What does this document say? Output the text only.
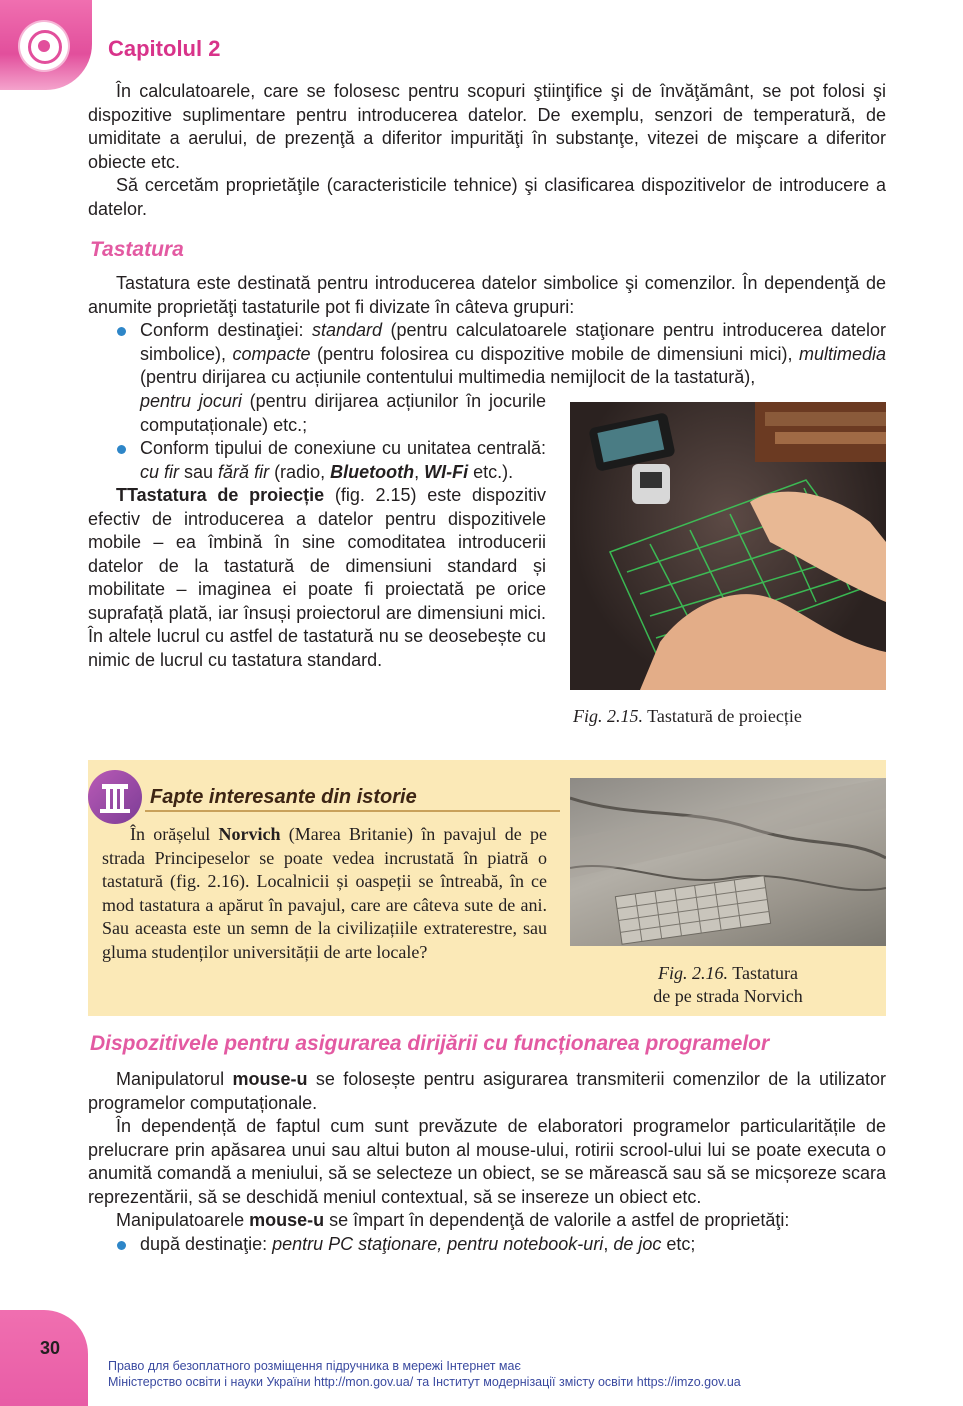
Capitolul 2

În calculatoarele, care se folosesc pentru scopuri ştiinţifice şi de învăţământ, se pot folosi şi dispozitive suplimentare pentru introducerea datelor. De exemplu, senzori de temperatură, de umiditate a aerului, de prezenţă a diferitor impurităţi în substanţe, vitezei de mişcare a diferitor obiecte etc.

Să cercetăm proprietăţile (caracteristicile tehnice) şi clasificarea dispozitivelor de introducere a datelor.

Tastatura

Tastatura este destinată pentru introducerea datelor simbolice şi comenzilor. În dependenţă de anumite proprietăţi tastaturile pot fi divizate în câteva grupuri:

Conform destinaţiei: standard (pentru calculatoarele staţionare pentru introducerea datelor simbolice), compacte (pentru folosirea cu dispozitive mobile de dimensiuni mici), multimedia (pentru dirijarea cu acțiunile contentului multimedia nemijlocit de la tastatură),
pentru jocuri (pentru dirijarea acțiunilor în jocurile computaționale) etc.;
Conform tipului de conexiune cu unitatea centrală: cu fir sau fără fir (radio, Bluetooth, WI-Fi etc.).

TTastatura de proiecție (fig. 2.15) este dispozitiv efectiv de introducerea a datelor pentru dispozitivele mobile – ea îmbină în sine comoditatea introducerii datelor de la tastatură de dimensiuni standard și mobilitate – imaginea ei poate fi proiectată pe orice suprafață plată, iar însuși proiectorul are dimensiuni mici. În altele lucrul cu astfel de tastatură nu se deosebește cu nimic de lucrul cu tastatura standard.

Fig. 2.15. Tastatură de proiecție
Fapte interesante din istorie

În orășelul Norvich (Marea Britanie) în pavajul de pe strada Principeselor se poate vedea incrustată în piatră o tastatură (fig. 2.16). Localnicii și oaspeții se întreabă, în ce mod tastatura a apărut în pavajul, care are câteva sute de ani. Sau aceasta este un semn de la civilizațiile extraterestre, sau gluma studenților universității de arte locale?

Fig. 2.16. Tastatura
de pe strada Norvich
Dispozitivele pentru asigurarea dirijării cu funcționarea programelor

Manipulatorul mouse-u se folosește pentru asigurarea transmiterii comenzilor de la utilizator programelor computaționale.

În dependență de faptul cum sunt prevăzute de elaboratori programelor particularitățile de prelucrare prin apăsarea unui sau altui buton al mouse-ului, rotirii scrool-ului lui se poate executa o anumită comandă a meniului, să se selecteze un obiect, se se mărească sau să se micșoreze scara reprezentării, să se deschidă meniul contextual, să se insereze un obiect etc.

Manipulatoarele mouse-u se împart în dependenţă de valorile a astfel de proprietăţi:

după destinaţie: pentru PC staţionare, pentru notebook-uri, de joc etc;
30
Право для безоплатного розміщення підручника в мережі Інтернет має
Міністерство освіти і науки України http://mon.gov.ua/ та Інститут модернізації змісту освіти https://imzo.gov.ua
